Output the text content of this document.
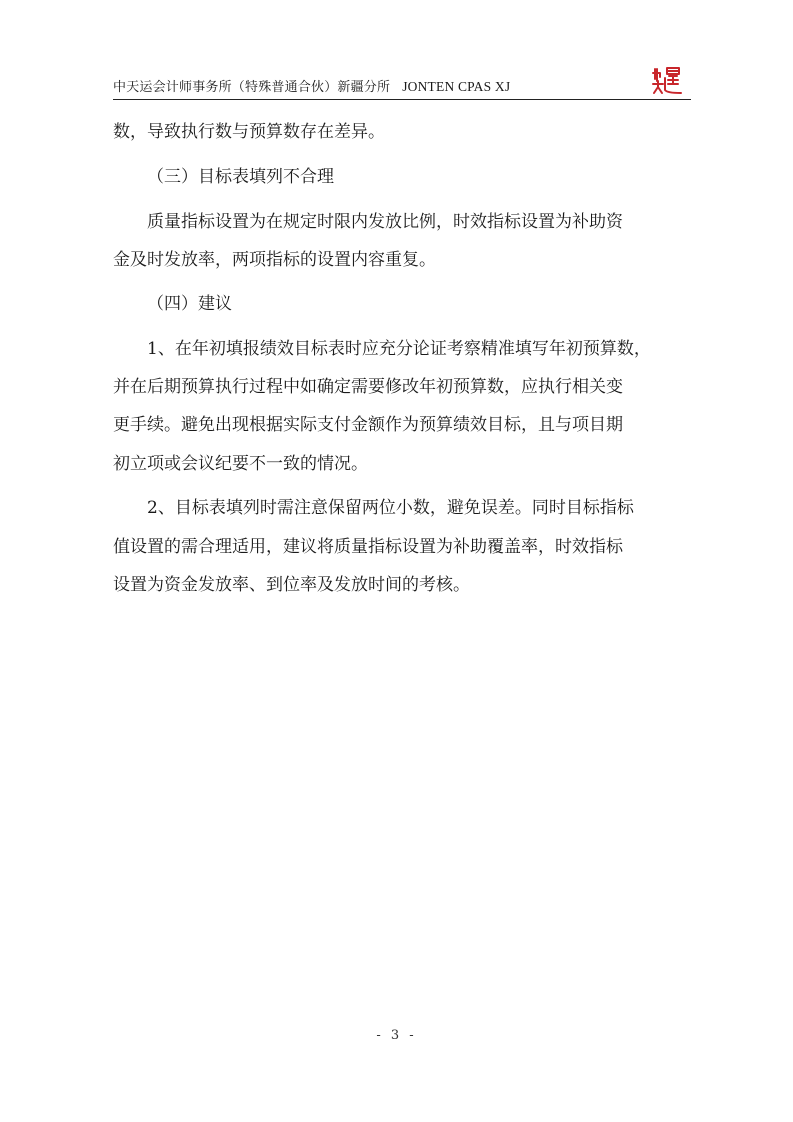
中天运会计师事务所（特殊普通合伙）新疆分所 JONTEN CPAS XJ
数，导致执行数与预算数存在差异。
（三）目标表填列不合理
质量指标设置为在规定时限内发放比例，时效指标设置为补助资
金及时发放率，两项指标的设置内容重复。
（四）建议
1、在年初填报绩效目标表时应充分论证考察精准填写年初预算数，
并在后期预算执行过程中如确定需要修改年初预算数，应执行相关变
更手续。避免出现根据实际支付金额作为预算绩效目标，且与项目期
初立项或会议纪要不一致的情况。
2、目标表填列时需注意保留两位小数，避免误差。同时目标指标
值设置的需合理适用，建议将质量指标设置为补助覆盖率，时效指标
设置为资金发放率、到位率及发放时间的考核。
- 3 -
